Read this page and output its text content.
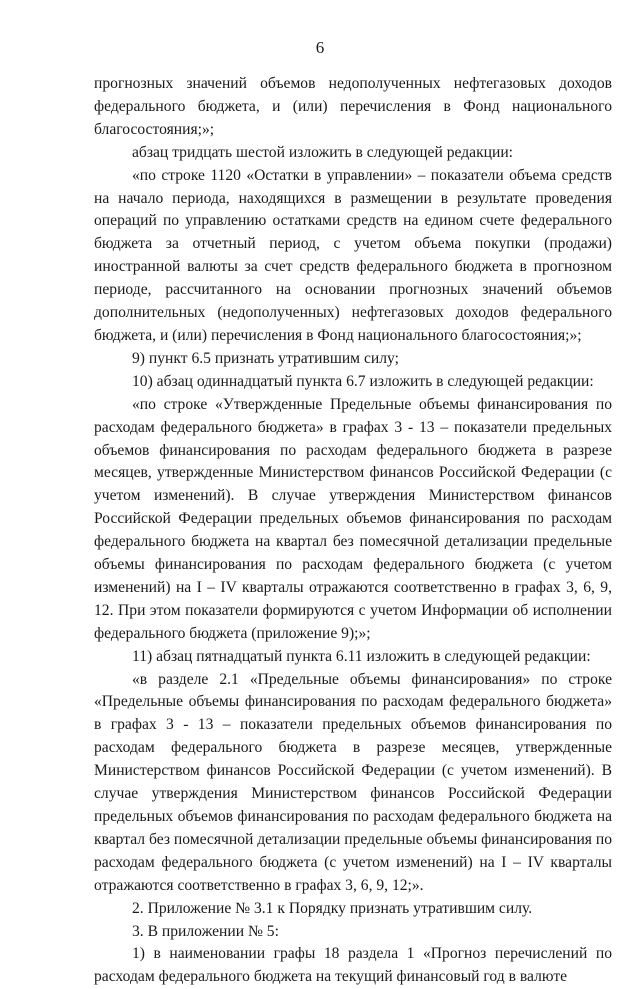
6

прогнозных значений объемов недополученных нефтегазовых доходов федерального бюджета, и (или) перечисления в Фонд национального благосостояния;»;

абзац тридцать шестой изложить в следующей редакции:

«по строке 1120 «Остатки в управлении» – показатели объема средств на начало периода, находящихся в размещении в результате проведения операций по управлению остатками средств на едином счете федерального бюджета за отчетный период, с учетом объема покупки (продажи) иностранной валюты за счет средств федерального бюджета в прогнозном периоде, рассчитанного на основании прогнозных значений объемов дополнительных (недополученных) нефтегазовых доходов федерального бюджета, и (или) перечисления в Фонд национального благосостояния;»;

9) пункт 6.5 признать утратившим силу;

10) абзац одиннадцатый пункта 6.7 изложить в следующей редакции:

«по строке «Утвержденные Предельные объемы финансирования по расходам федерального бюджета» в графах 3 - 13 – показатели предельных объемов финансирования по расходам федерального бюджета в разрезе месяцев, утвержденные Министерством финансов Российской Федерации (с учетом изменений). В случае утверждения Министерством финансов Российской Федерации предельных объемов финансирования по расходам федерального бюджета на квартал без помесячной детализации предельные объемы финансирования по расходам федерального бюджета (с учетом изменений) на I – IV кварталы отражаются соответственно в графах 3, 6, 9, 12. При этом показатели формируются с учетом Информации об исполнении федерального бюджета (приложение 9);»;

11) абзац пятнадцатый пункта 6.11 изложить в следующей редакции:

«в разделе 2.1 «Предельные объемы финансирования» по строке «Предельные объемы финансирования по расходам федерального бюджета» в графах 3 - 13 – показатели предельных объемов финансирования по расходам федерального бюджета в разрезе месяцев, утвержденные Министерством финансов Российской Федерации (с учетом изменений). В случае утверждения Министерством финансов Российской Федерации предельных объемов финансирования по расходам федерального бюджета на квартал без помесячной детализации предельные объемы финансирования по расходам федерального бюджета (с учетом изменений) на I – IV кварталы отражаются соответственно в графах 3, 6, 9, 12;».

2. Приложение № 3.1 к Порядку признать утратившим силу.

3. В приложении № 5:

1) в наименовании графы 18 раздела 1 «Прогноз перечислений по расходам федерального бюджета на текущий финансовый год в валюте
